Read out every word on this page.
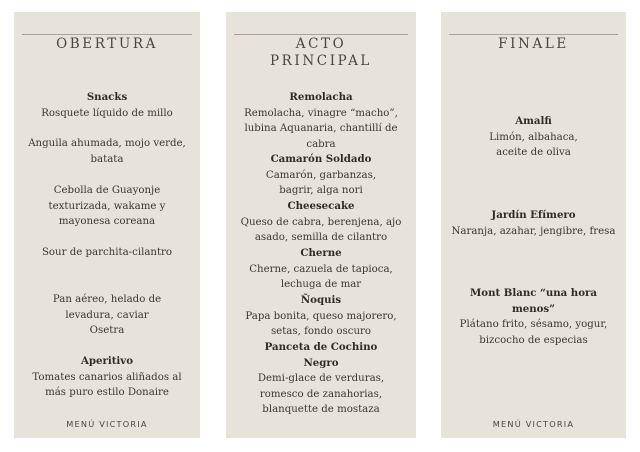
OBERTURA
Snacks
Rosquete líquido de millo
Anguila ahumada, mojo verde, batata
Cebolla de Guayonje texturizada, wakame y mayonesa coreana
Sour de parchita-cilantro
Pan aéreo, helado de levadura, caviar Osetra
Aperitivo
Tomates canarios aliñados al más puro estilo Donaire
MENÚ VICTORIA
ACTO
PRINCIPAL
Remolacha
Remolacha, vinagre “macho”, lubina Aquanaria, chantillí de cabra
Camarón Soldado
Camarón, garbanzas, bagrir, alga nori
Cheesecake
Queso de cabra, berenjena, ajo asado, semilla de cilantro
Cherne
Cherne, cazuela de tapioca, lechuga de mar
Ñoquis
Papa bonita, queso majorero, setas, fondo oscuro
Panceta de Cochino Negro
Demi-glace de verduras, romesco de zanahorias, blanquette de mostaza
FINALE
Amalfi
Limón, albahaca, aceite de oliva
Jardín Efímero
Naranja, azahar, jengibre, fresa
Mont Blanc “una hora menos”
Plátano frito, sésamo, yogur, bizcocho de especias
MENÚ VICTORIA
